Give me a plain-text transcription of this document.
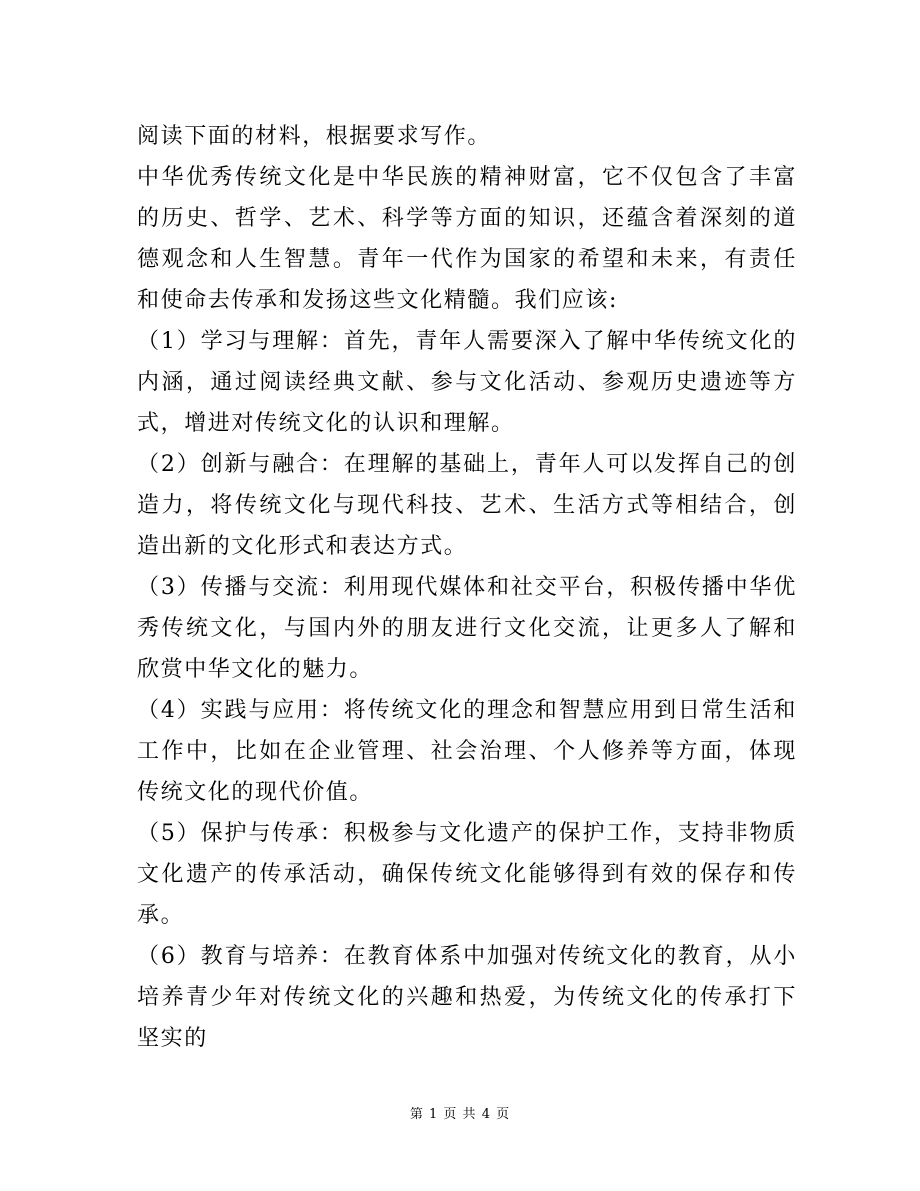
阅读下面的材料，根据要求写作。

中华优秀传统文化是中华民族的精神财富，它不仅包含了丰富的历史、哲学、艺术、科学等方面的知识，还蕴含着深刻的道德观念和人生智慧。青年一代作为国家的希望和未来，有责任和使命去传承和发扬这些文化精髓。我们应该:

（1）学习与理解：首先，青年人需要深入了解中华传统文化的内涵，通过阅读经典文献、参与文化活动、参观历史遗迹等方式，增进对传统文化的认识和理解。

（2）创新与融合：在理解的基础上，青年人可以发挥自己的创造力，将传统文化与现代科技、艺术、生活方式等相结合，创造出新的文化形式和表达方式。

（3）传播与交流：利用现代媒体和社交平台，积极传播中华优秀传统文化，与国内外的朋友进行文化交流，让更多人了解和欣赏中华文化的魅力。

（4）实践与应用：将传统文化的理念和智慧应用到日常生活和工作中，比如在企业管理、社会治理、个人修养等方面，体现传统文化的现代价值。

（5）保护与传承：积极参与文化遗产的保护工作，支持非物质文化遗产的传承活动，确保传统文化能够得到有效的保存和传承。

（6）教育与培养：在教育体系中加强对传统文化的教育，从小培养青少年对传统文化的兴趣和热爱，为传统文化的传承打下坚实的

第 1 页 共 4 页
